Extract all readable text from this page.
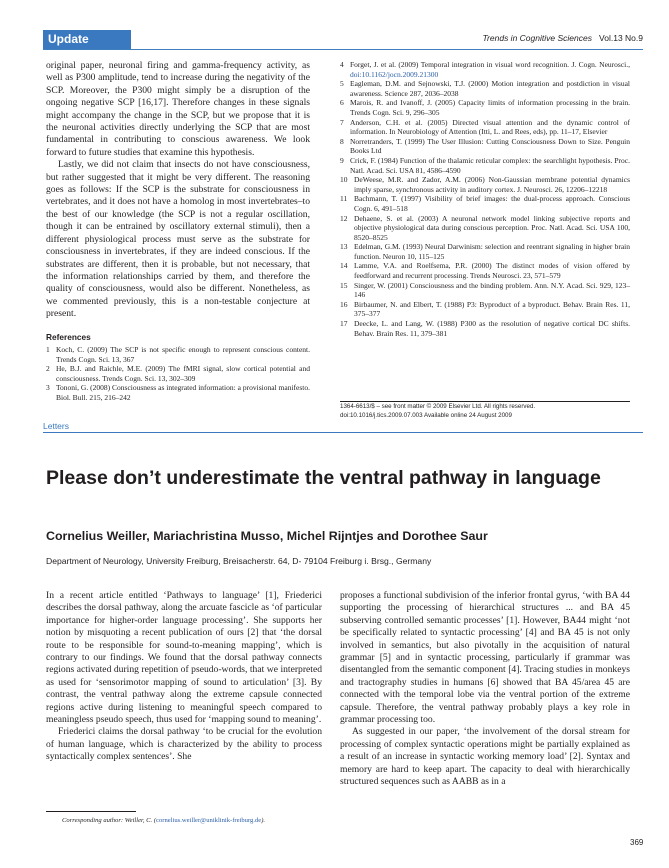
Update	Trends in Cognitive Sciences Vol.13 No.9

original paper, neuronal firing and gamma-frequency activity, as well as P300 amplitude, tend to increase during the negativity of the SCP. Moreover, the P300 might simply be a disruption of the ongoing negative SCP [16,17]. Therefore changes in these signals might accompany the change in the SCP, but we propose that it is the neuronal activities directly underlying the SCP that are most fundamental in contributing to conscious awareness. We look forward to future studies that examine this hypothesis.

Lastly, we did not claim that insects do not have consciousness, but rather suggested that it might be very different. The reasoning goes as follows: If the SCP is the substrate for consciousness in vertebrates, and it does not have a homolog in most invertebrates–to the best of our knowledge (the SCP is not a regular oscillation, though it can be entrained by oscillatory external stimuli), then a different physiological process must serve as the substrate for consciousness in invertebrates, if they are indeed conscious. If the substrates are different, then it is probable, but not necessary, that the information relationships carried by them, and therefore the quality of consciousness, would also be different. Nonetheless, as we commented previously, this is a non-testable conjecture at present.

References
1 Koch, C. (2009) The SCP is not specific enough to represent conscious content. Trends Cogn. Sci. 13, 367
2 He, B.J. and Raichle, M.E. (2009) The fMRI signal, slow cortical potential and consciousness. Trends Cogn. Sci. 13, 302–309
3 Tononi, G. (2008) Consciousness as integrated information: a provisional manifesto. Biol. Bull. 215, 216–242
4 Forget, J. et al. (2009) Temporal integration in visual word recognition. J. Cogn. Neurosci., doi:10.1162/jocn.2009.21300
5 Eagleman, D.M. and Sejnowski, T.J. (2000) Motion integration and postdiction in visual awareness. Science 287, 2036–2038
6 Marois, R. and Ivanoff, J. (2005) Capacity limits of information processing in the brain. Trends Cogn. Sci. 9, 296–305
7 Anderson, C.H. et al. (2005) Directed visual attention and the dynamic control of information. In Neurobiology of Attention (Itti, L. and Rees, eds), pp. 11–17, Elsevier
8 Norretranders, T. (1999) The User Illusion: Cutting Consciousness Down to Size. Penguin Books Ltd
9 Crick, F. (1984) Function of the thalamic reticular complex: the searchlight hypothesis. Proc. Natl. Acad. Sci. USA 81, 4586–4590
10 DeWeese, M.R. and Zador, A.M. (2006) Non-Gaussian membrane potential dynamics imply sparse, synchronous activity in auditory cortex. J. Neurosci. 26, 12206–12218
11 Bachmann, T. (1997) Visibility of brief images: the dual-process approach. Conscious Cogn. 6, 491–518
12 Dehaene, S. et al. (2003) A neuronal network model linking subjective reports and objective physiological data during conscious perception. Proc. Natl. Acad. Sci. USA 100, 8520–8525
13 Edelman, G.M. (1993) Neural Darwinism: selection and reentrant signaling in higher brain function. Neuron 10, 115–125
14 Lamme, V.A. and Roelfsema, P.R. (2000) The distinct modes of vision offered by feedforward and recurrent processing. Trends Neurosci. 23, 571–579
15 Singer, W. (2001) Consciousness and the binding problem. Ann. N.Y. Acad. Sci. 929, 123–146
16 Birbaumer, N. and Elbert, T. (1988) P3: Byproduct of a byproduct. Behav. Brain Res. 11, 375–377
17 Deecke, L. and Lang, W. (1988) P300 as the resolution of negative cortical DC shifts. Behav. Brain Res. 11, 379–381
1364-6613/$ – see front matter © 2009 Elsevier Ltd. All rights reserved.
doi:10.1016/j.tics.2009.07.003 Available online 24 August 2009
Letters
Please don’t underestimate the ventral pathway in language
Cornelius Weiller, Mariachristina Musso, Michel Rijntjes and Dorothee Saur
Department of Neurology, University Freiburg, Breisacherstr. 64, D- 79104 Freiburg i. Brsg., Germany

In a recent article entitled ‘Pathways to language’ [1], Friederici describes the dorsal pathway, along the arcuate fascicle as ‘of particular importance for higher-order language processing’. She supports her notion by misquoting a recent publication of ours [2] that ‘the dorsal route to be responsible for sound-to-meaning mapping’, which is contrary to our findings. We found that the dorsal pathway connects regions activated during repetition of pseudo-words, that we interpreted as used for ‘sensorimotor mapping of sound to articulation’ [3]. By contrast, the ventral pathway along the extreme capsule connected regions active during listening to meaningful speech compared to meaningless pseudo speech, thus used for ‘mapping sound to meaning’.

Friederici claims the dorsal pathway ‘to be crucial for the evolution of human language, which is characterized by the ability to process syntactically complex sentences’. She

proposes a functional subdivision of the inferior frontal gyrus, ‘with BA 44 supporting the processing of hierarchical structures ... and BA 45 subserving controlled semantic processes’ [1]. However, BA44 might ‘not be specifically related to syntactic processing’ [4] and BA 45 is not only involved in semantics, but also pivotally in the acquisition of natural grammar [5] and in syntactic processing, particularly if grammar was disentangled from the semantic component [4]. Tracing studies in monkeys and tractography studies in humans [6] showed that BA 45/area 45 are connected with the temporal lobe via the ventral portion of the extreme capsule. Therefore, the ventral pathway probably plays a key role in grammar processing too.

As suggested in our paper, ‘the involvement of the dorsal stream for processing of complex syntactic operations might be partially explained as a result of an increase in syntactic working memory load’ [2]. Syntax and memory are hard to keep apart. The capacity to deal with hierarchically structured sequences such as AABB as in a

Corresponding author: Weiller, C. (cornelius.weiller@uniklinik-freiburg.de).
369
